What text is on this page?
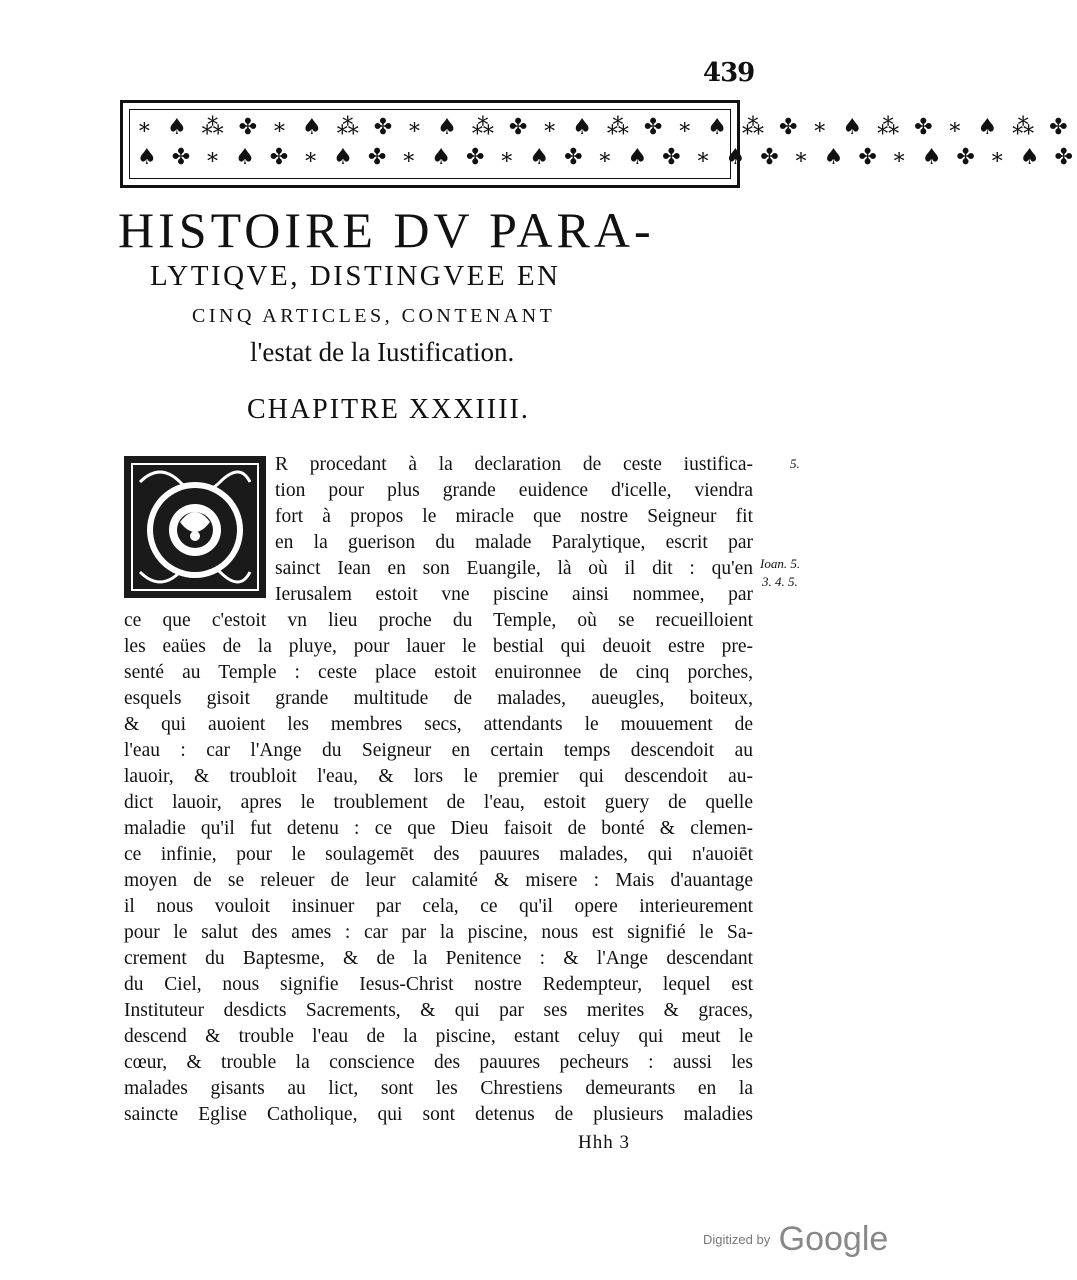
439
∗ ♠ ⁂ ✤ ∗ ♠ ⁂ ✤ ∗ ♠ ⁂ ✤ ∗ ♠ ⁂ ✤ ∗ ♠ ⁂ ✤ ∗ ♠ ⁂ ✤ ∗ ♠ ⁂ ✤
♠ ✤ ∗ ♠ ✤ ∗ ♠ ✤ ∗ ♠ ✤ ∗ ♠ ✤ ∗ ♠ ✤ ∗ ♠ ✤ ∗ ♠ ✤ ∗ ♠ ✤ ∗ ♠ ✤
HISTOIRE DV PARA-
LYTIQVE, DISTINGVEE EN
CINQ ARTICLES, CONTENANT
l'estat de la Iustification.
CHAPITRE XXXIIII.
R procedant à la declaration de ceste iustifica-
tion pour plus grande euidence d'icelle, viendra
fort à propos le miracle que nostre Seigneur fit
en la guerison du malade Paralytique, escrit par
sainct Iean en son Euangile, là où il dit : qu'en
Ierusalem estoit vne piscine ainsi nommee, par
ce que c'estoit vn lieu proche du Temple, où se recueilloient
les eaües de la pluye, pour lauer le bestial qui deuoit estre pre-
senté au Temple : ceste place estoit enuironnee de cinq porches,
esquels gisoit grande multitude de malades, aueugles, boiteux,
& qui auoient les membres secs, attendants le mouuement de
l'eau : car l'Ange du Seigneur en certain temps descendoit au
lauoir, & troubloit l'eau, & lors le premier qui descendoit au-
dict lauoir, apres le troublement de l'eau, estoit guery de quelle
maladie qu'il fut detenu : ce que Dieu faisoit de bonté & clemen-
ce infinie, pour le soulagemēt des pauures malades, qui n'auoiēt
moyen de se releuer de leur calamité & misere : Mais d'auantage
il nous vouloit insinuer par cela, ce qu'il opere interieurement
pour le salut des ames : car par la piscine, nous est signifié le Sa-
crement du Baptesme, & de la Penitence : & l'Ange descendant
du Ciel, nous signifie Iesus-Christ nostre Redempteur, lequel est
Instituteur desdicts Sacrements, & qui par ses merites & graces,
descend & trouble l'eau de la piscine, estant celuy qui meut le
cœur, & trouble la conscience des pauures pecheurs : aussi les
malades gisants au lict, sont les Chrestiens demeurants en la
saincte Eglise Catholique, qui sont detenus de plusieurs maladies
5.
Ioan. 5.
3. 4. 5.
Hhh 3
Digitized by Google
